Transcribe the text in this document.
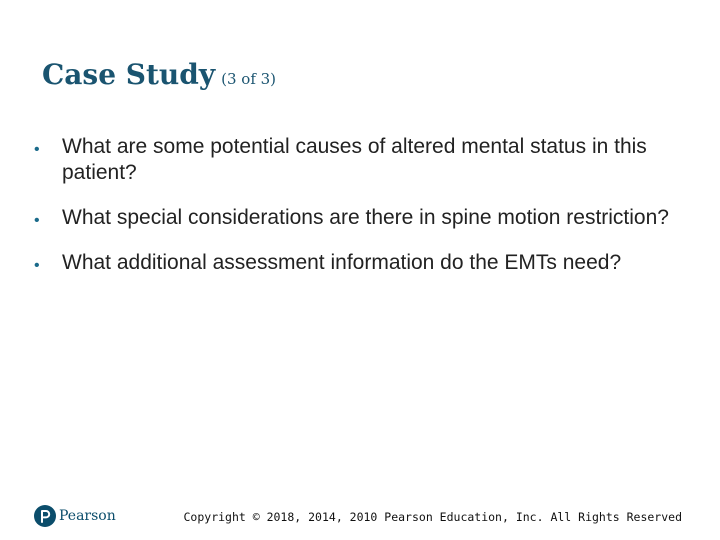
Case Study (3 of 3)
• What are some potential causes of altered mental status in this patient?
• What special considerations are there in spine motion restriction?
• What additional assessment information do the EMTs need?
Pearson	Copyright © 2018, 2014, 2010 Pearson Education, Inc. All Rights Reserved
